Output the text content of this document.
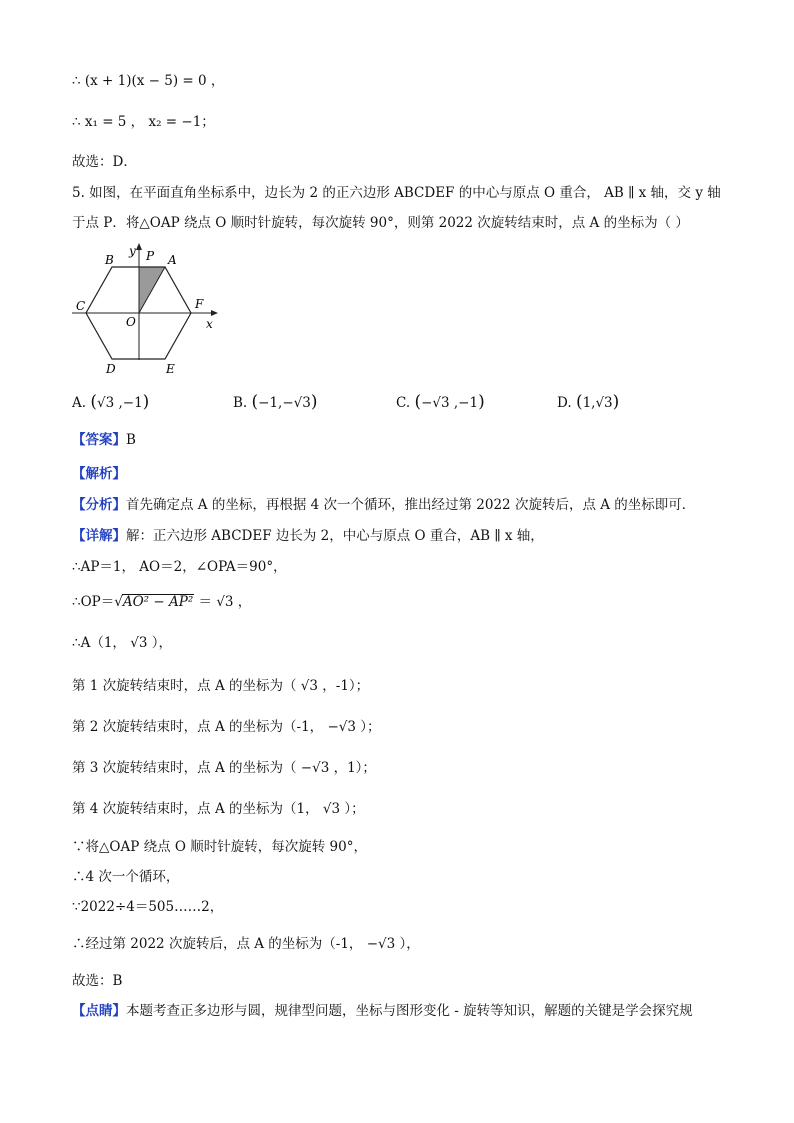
∴ (x + 1)(x − 5) = 0 ，
∴ x₁ = 5 ， x₂ = −1；
故选：D．
5. 如图，在平面直角坐标系中，边长为 2 的正六边形 ABCDEF 的中心与原点 O 重合， AB ∥ x 轴，交 y 轴
于点 P．将△OAP 绕点 O 顺时针旋转，每次旋转 90°，则第 2022 次旋转结束时，点 A 的坐标为（ ）
y
B	P A
C	F
O	x
D	E
A. (√3 ,−1)	B. (−1,−√3)	C. (−√3 ,−1)	D. (1,√3)
【答案】B
【解析】
【分析】首先确定点 A 的坐标，再根据 4 次一个循环，推出经过第 2022 次旋转后，点 A 的坐标即可．
【详解】解：正六边形 ABCDEF 边长为 2，中心与原点 O 重合，AB ∥ x 轴，
∴AP＝1， AO＝2，∠OPA＝90°，
∴OP＝√AO² − AP² ＝ √3 ，
∴A（1， √3 ），
第 1 次旋转结束时，点 A 的坐标为（ √3 ，-1）；
第 2 次旋转结束时，点 A 的坐标为（-1， −√3 ）；
第 3 次旋转结束时，点 A 的坐标为（ −√3 ，1）；
第 4 次旋转结束时，点 A 的坐标为（1， √3 ）；
∵将△OAP 绕点 O 顺时针旋转，每次旋转 90°，
∴4 次一个循环，
∵2022÷4＝505……2，
∴经过第 2022 次旋转后，点 A 的坐标为（-1， −√3 ），
故选：B
【点睛】本题考查正多边形与圆，规律型问题，坐标与图形变化 - 旋转等知识，解题的关键是学会探究规
